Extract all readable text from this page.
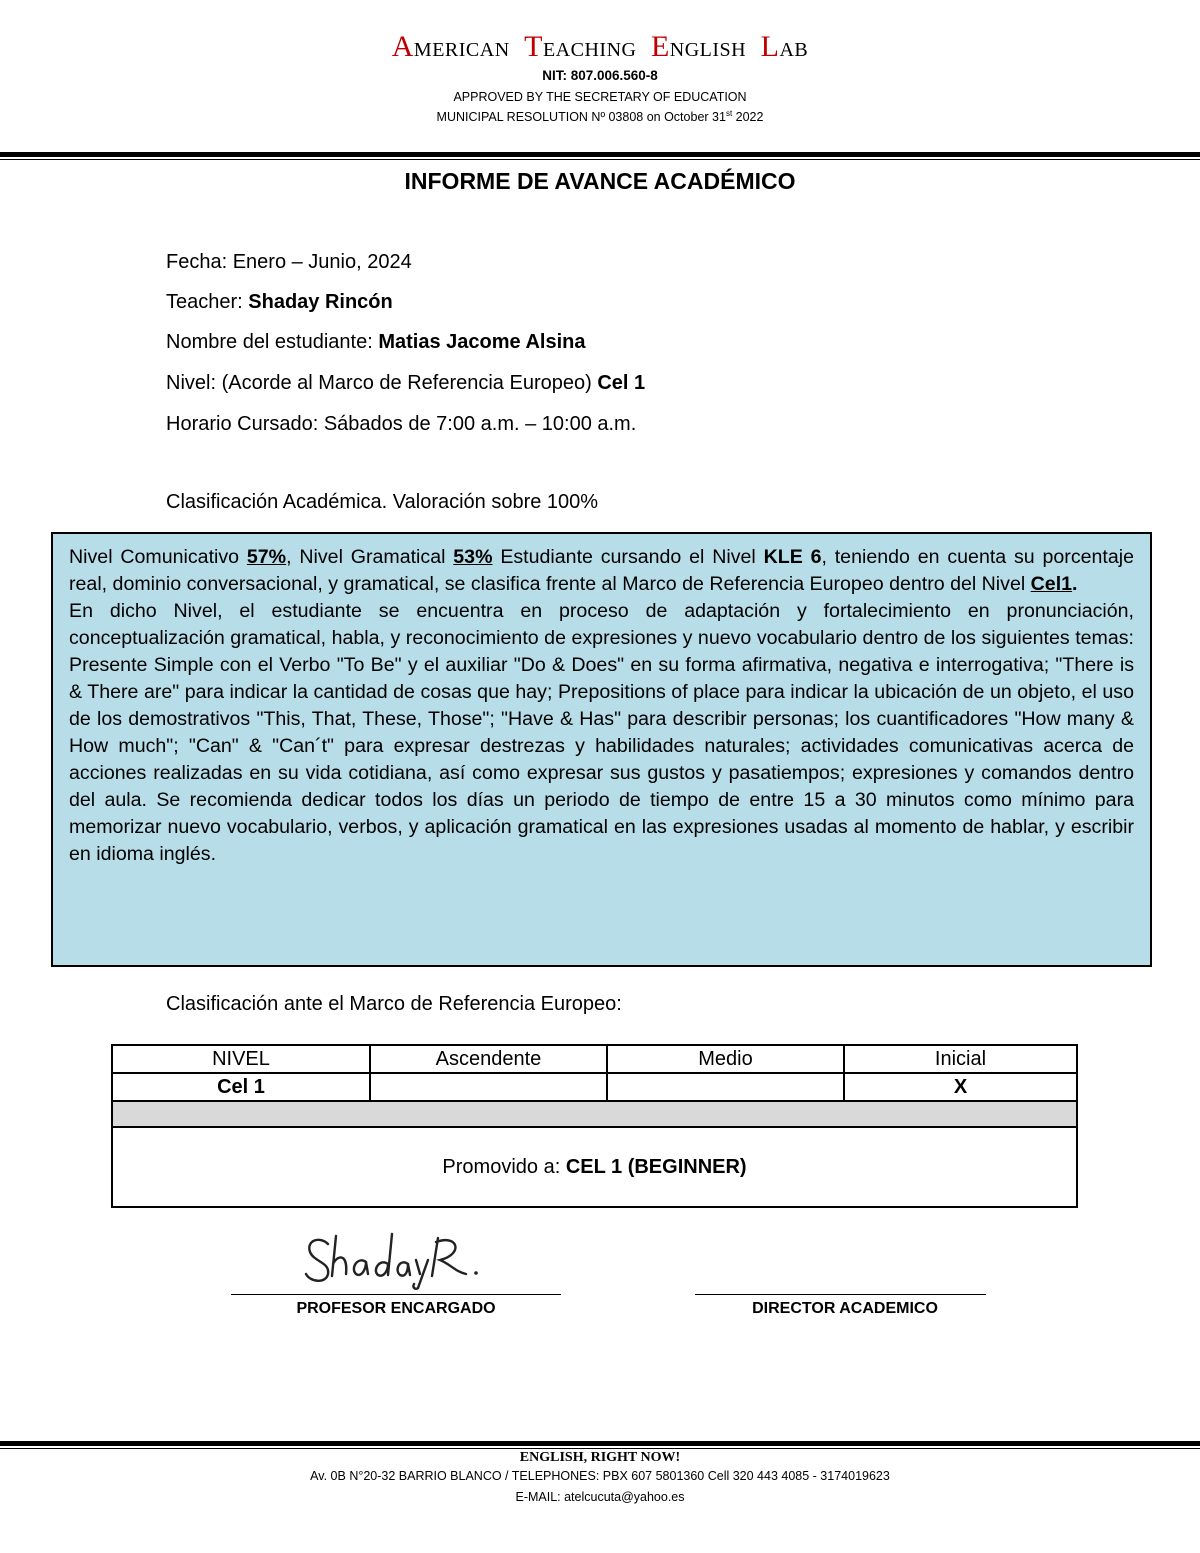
AMERICAN TEACHING ENGLISH LAB
NIT: 807.006.560-8
APPROVED BY THE SECRETARY OF EDUCATION
MUNICIPAL RESOLUTION Nº 03808 on October 31st 2022
INFORME DE AVANCE ACADÉMICO
Fecha: Enero – Junio, 2024
Teacher: Shaday Rincón
Nombre del estudiante: Matias Jacome Alsina
Nivel: (Acorde al Marco de Referencia Europeo) Cel 1
Horario Cursado: Sábados de 7:00 a.m. – 10:00 a.m.
Clasificación Académica. Valoración sobre 100%

Nivel Comunicativo 57%, Nivel Gramatical 53% Estudiante cursando el Nivel KLE 6, teniendo en cuenta su porcentaje real, dominio conversacional, y gramatical, se clasifica frente al Marco de Referencia Europeo dentro del Nivel Cel1.

En dicho Nivel, el estudiante se encuentra en proceso de adaptación y fortalecimiento en pronunciación, conceptualización gramatical, habla, y reconocimiento de expresiones y nuevo vocabulario dentro de los siguientes temas: Presente Simple con el Verbo "To Be" y el auxiliar "Do & Does" en su forma afirmativa, negativa e interrogativa; "There is & There are" para indicar la cantidad de cosas que hay; Prepositions of place para indicar la ubicación de un objeto, el uso de los demostrativos "This, That, These, Those"; "Have & Has" para describir personas; los cuantificadores "How many & How much"; "Can" & "Can´t" para expresar destrezas y habilidades naturales; actividades comunicativas acerca de acciones realizadas en su vida cotidiana, así como expresar sus gustos y pasatiempos; expresiones y comandos dentro del aula. Se recomienda dedicar todos los días un periodo de tiempo de entre 15 a 30 minutos como mínimo para memorizar nuevo vocabulario, verbos, y aplicación gramatical en las expresiones usadas al momento de hablar, y escribir en idioma inglés.

Clasificación ante el Marco de Referencia Europeo:
NIVEL	Ascendente	Medio	Inicial
Cel 1			X

Promovido a: CEL 1 (BEGINNER)			
PROFESOR ENCARGADO	DIRECTOR ACADEMICO
ENGLISH, RIGHT NOW!
Av. 0B N°20-32 BARRIO BLANCO / TELEPHONES: PBX 607 5801360 Cell 320 443 4085 - 3174019623
E-MAIL: atelcucuta@yahoo.es
